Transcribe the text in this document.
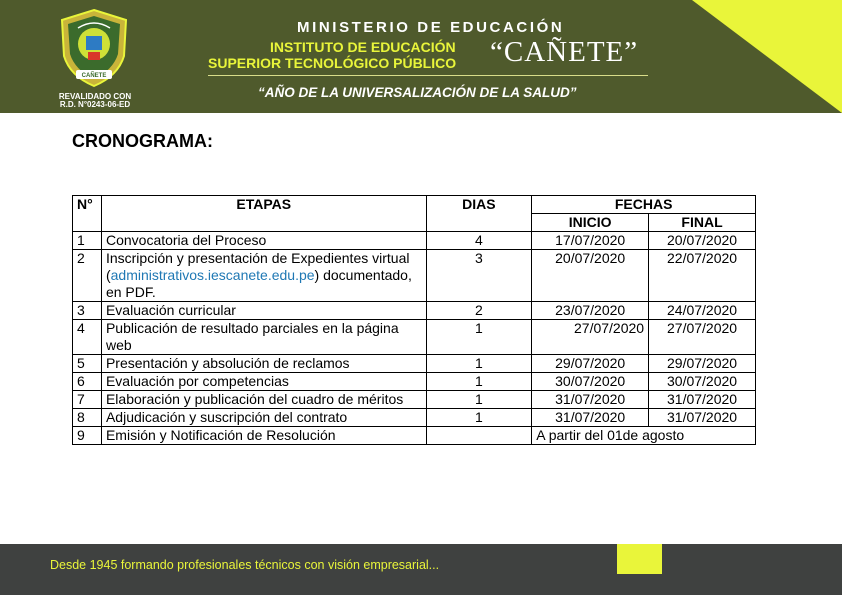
CAÑETE
REVALIDADO CON
R.D. N°0243-06-ED
MINISTERIO DE EDUCACIÓN
INSTITUTO DE EDUCACIÓN
SUPERIOR TECNOLÓGICO PÚBLICO “CAÑETE”
“AÑO DE LA UNIVERSALIZACIÓN DE LA SALUD”
CRONOGRAMA:
N°	ETAPAS	DIAS	FECHAS	
			INICIO	FINAL
1	Convocatoria del Proceso	4	17/07/2020	20/07/2020
2	Inscripción y presentación de Expedientes virtual (administrativos.iescanete.edu.pe) documentado, en PDF.	3	20/07/2020	22/07/2020
3	Evaluación curricular	2	23/07/2020	24/07/2020
4	Publicación de resultado parciales en la página web	1	27/07/2020	27/07/2020
5	Presentación y absolución de reclamos	1	29/07/2020	29/07/2020
6	Evaluación por competencias	1	30/07/2020	30/07/2020
7	Elaboración y publicación del cuadro de méritos	1	31/07/2020	31/07/2020
8	Adjudicación y suscripción del contrato	1	31/07/2020	31/07/2020
9	Emisión y Notificación de Resolución		A partir del 01de agosto	
Desde 1945 formando profesionales técnicos con visión empresarial...
